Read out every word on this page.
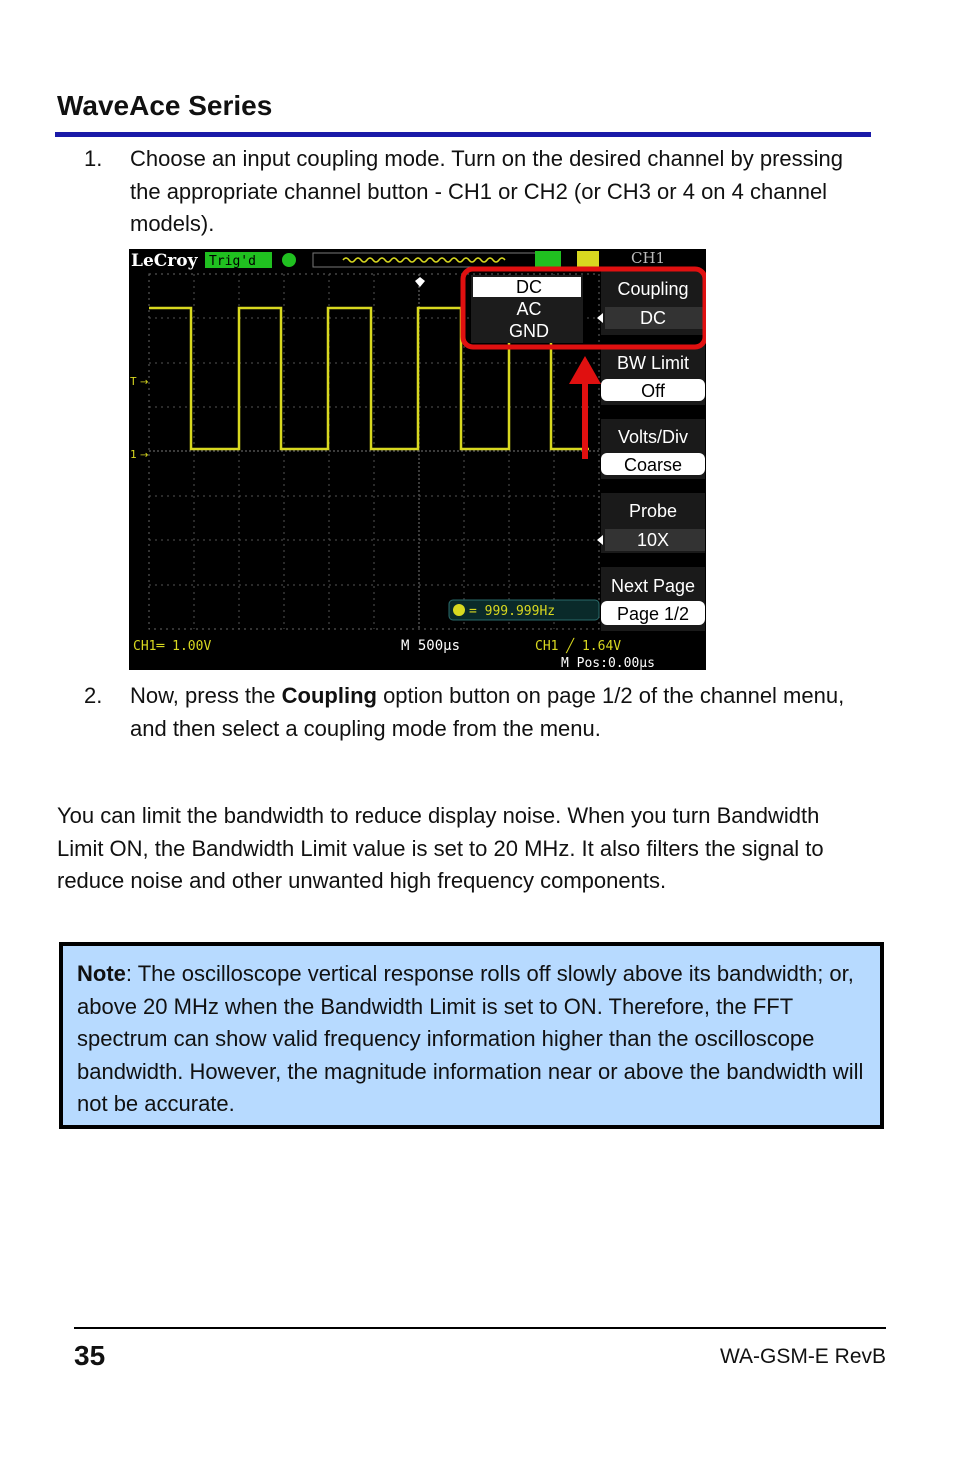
WaveAce Series
1. Choose an input coupling mode. Turn on the desired channel by pressing the appropriate channel button - CH1 or CH2 (or CH3 or 4 on 4 channel models).
LeCroy Trig'd	CH1
T →
1 →
DC
AC
GND
Coupling
DC
BW Limit
Off
Volts/Div
Coarse
Probe
10X
Next Page
Page 1/2
= 999.999Hz
CH1═ 1.00V	M 500μs	CH1 ╱ 1.64V
M Pos:0.00μs
2. Now, press the Coupling option button on page 1/2 of the channel menu, and then select a coupling mode from the menu.

You can limit the bandwidth to reduce display noise. When you turn Bandwidth Limit ON, the Bandwidth Limit value is set to 20 MHz. It also filters the signal to reduce noise and other unwanted high frequency components.

Note: The oscilloscope vertical response rolls off slowly above its bandwidth; or, above 20 MHz when the Bandwidth Limit is set to ON. Therefore, the FFT spectrum can show valid frequency information higher than the oscilloscope bandwidth. However, the magnitude information near or above the bandwidth will not be accurate.
35	WA-GSM-E RevB
